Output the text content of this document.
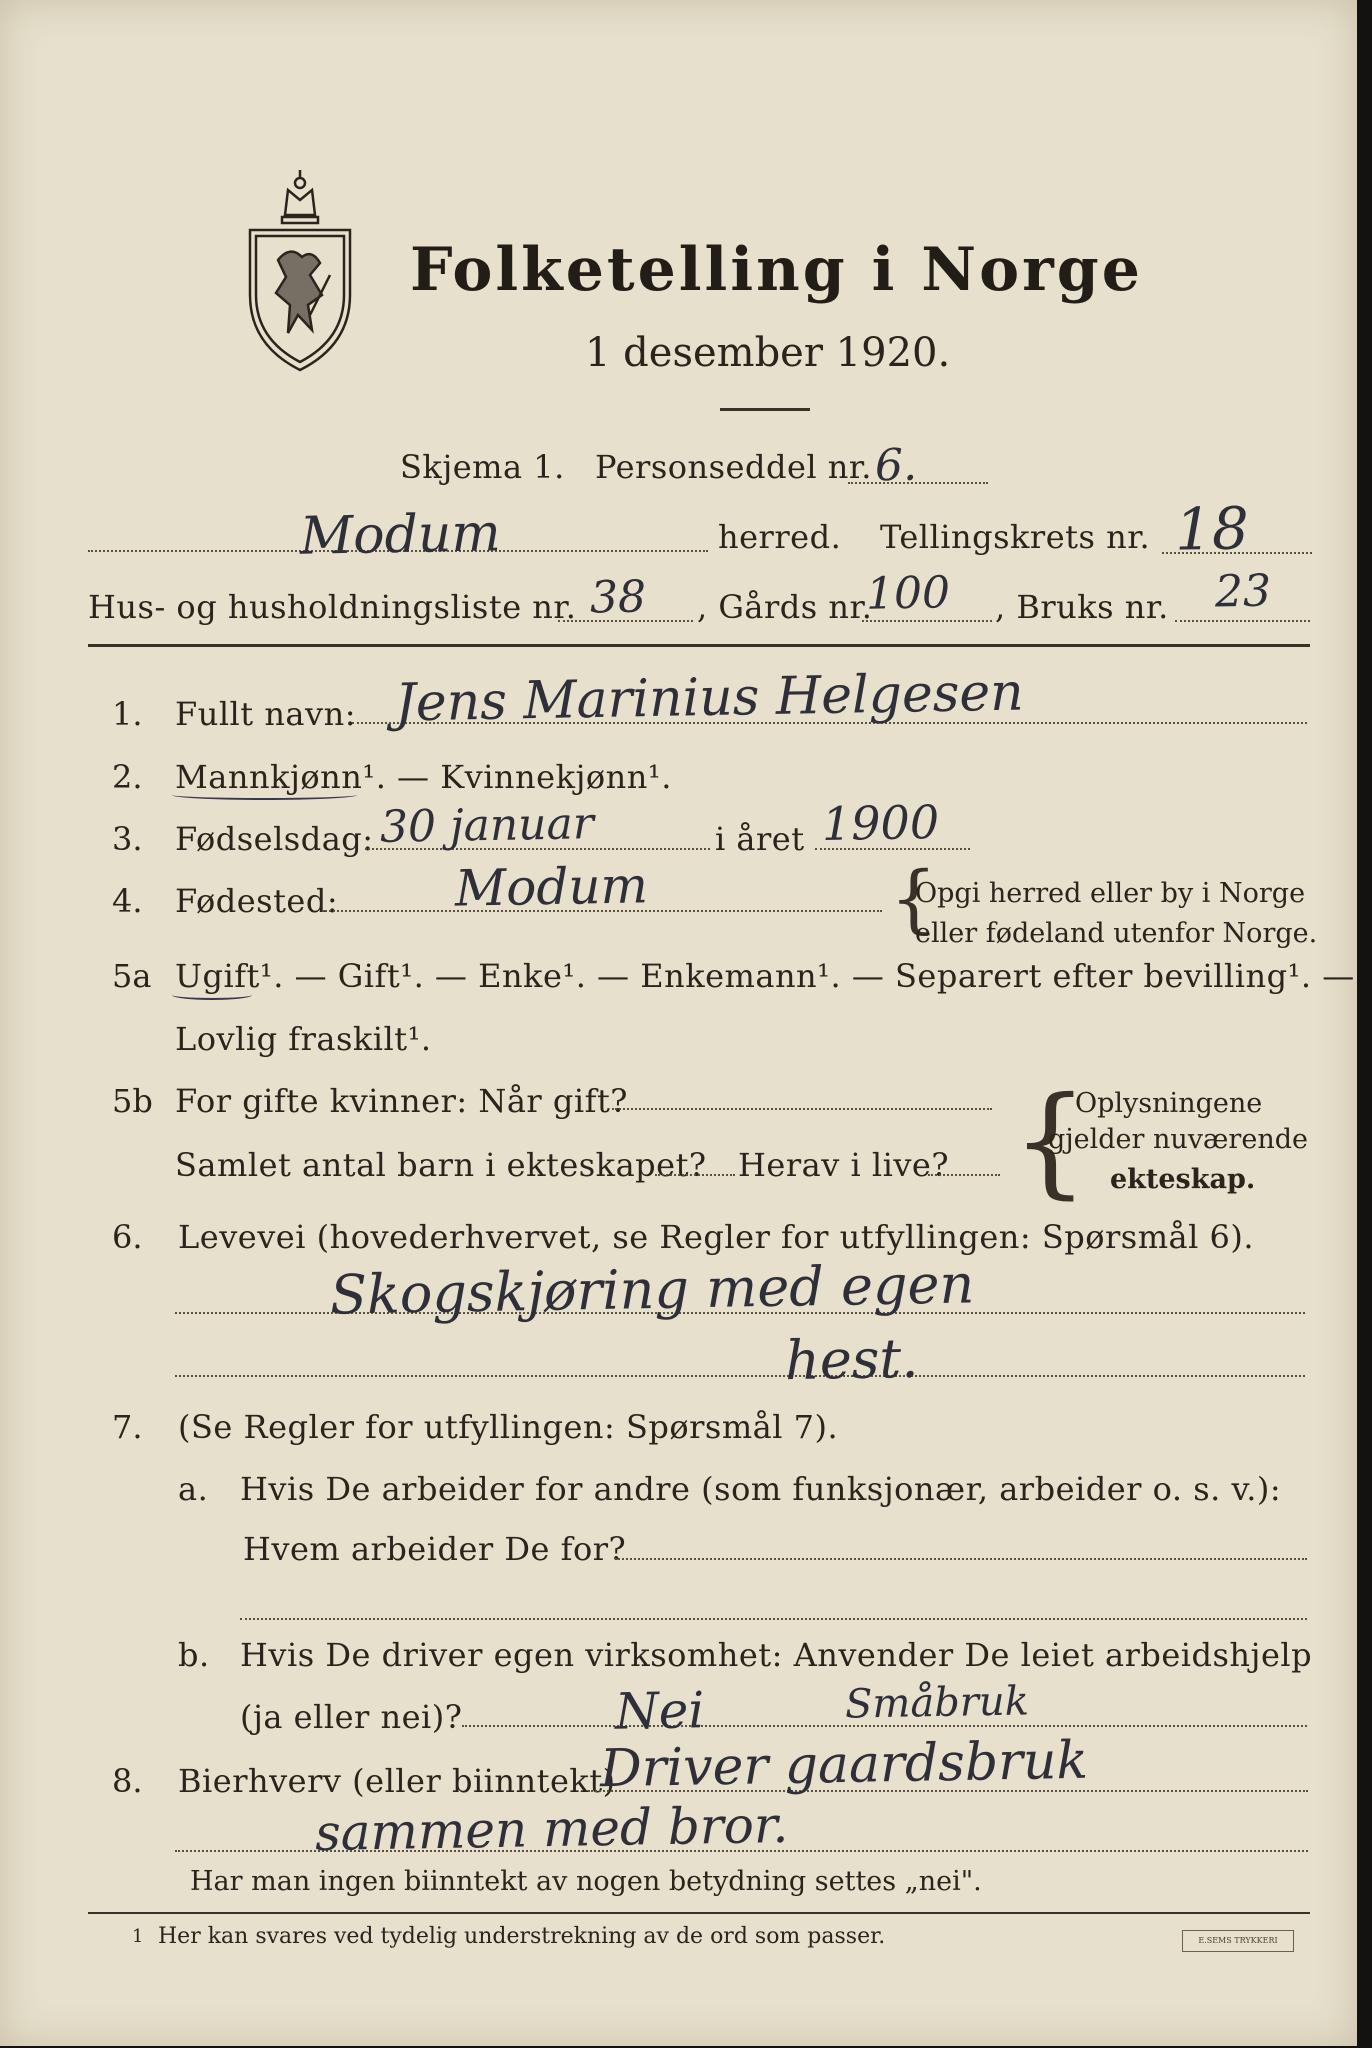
Folketelling i Norge
1 desember 1920.
Skjema 1. Personseddel nr. 6.
Modum	herred. Tellingskrets nr. 18
Hus- og husholdningsliste nr. 38 , Gårds nr.
100 , Bruks nr. 23
1. Fullt navn: Jens Marinius Helgesen
2. Mannkjønn¹. — Kvinnekjønn¹.
3. Fødselsdag: 30 januar	i året 1900
4. Fødested: Modum	{
Opgi herred eller by i Norge
eller fødeland utenfor Norge.
5a Ugift¹. — Gift¹. — Enke¹. — Enkemann¹. — Separert efter bevilling¹. —
Lovlig fraskilt¹.
5b For gifte kvinner: Når gift?
Samlet antal barn i ekteskapet? Herav i live? {
Oplysningene
gjelder nuværende
ekteskap.
6. Levevei (hovederhvervet, se Regler for utfyllingen: Spørsmål 6).
Skogskjøring med egen
hest.
7. (Se Regler for utfyllingen: Spørsmål 7).
a. Hvis De arbeider for andre (som funksjonær, arbeider o. s. v.):
Hvem arbeider De for?
b. Hvis De driver egen virksomhet: Anvender De leiet arbeidshjelp
(ja eller nei)?	Nei	Småbruk
8. Bierhverv (eller biinntekt)
Driver gaardsbruk
sammen med bror.
Har man ingen biinntekt av nogen betydning settes „nei".
1 Her kan svares ved tydelig understrekning av de ord som passer.	E.SEMS TRYKKERI
